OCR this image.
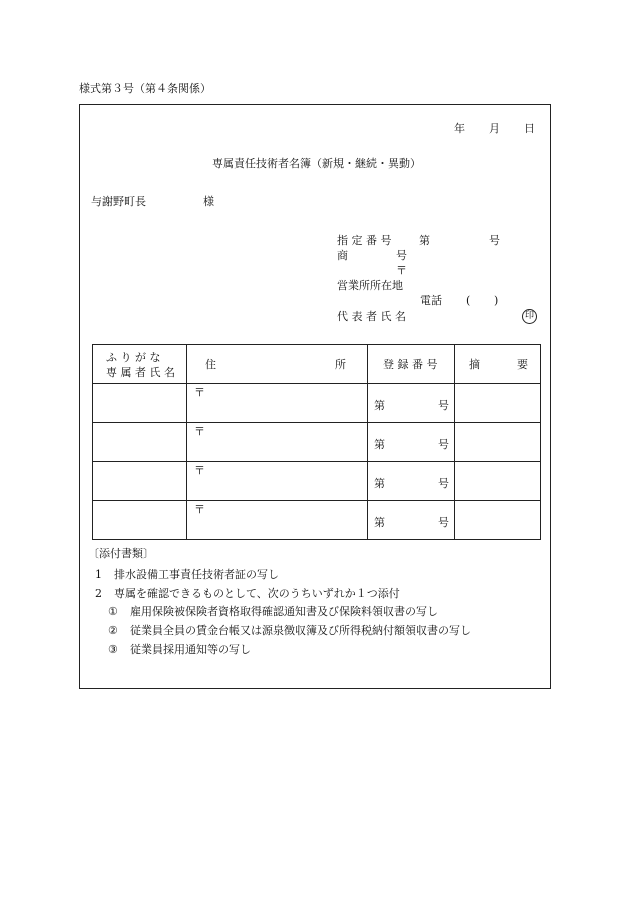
様式第３号（第４条関係）
年 月 日
専属責任技術者名簿（新規・継続・異動）
与謝野町長	様
指 定 番 号	第	号
商	号
〒
営業所所在地
電話 ( )
代 表 者 氏 名	印
ふ り が な
専 属 者 氏 名	住 所	登 録 番 号	摘 要

	〒	第 号	

	〒	第 号	

	〒	第 号	

	〒	第 号	

〔添付書類〕
1 排水設備工事責任技術者証の写し
2 専属を確認できるものとして、次のうちいずれか１つ添付
① 雇用保険被保険者資格取得確認通知書及び保険料領収書の写し
② 従業員全員の賃金台帳又は源泉徴収簿及び所得税納付額領収書の写し
③ 従業員採用通知等の写し
